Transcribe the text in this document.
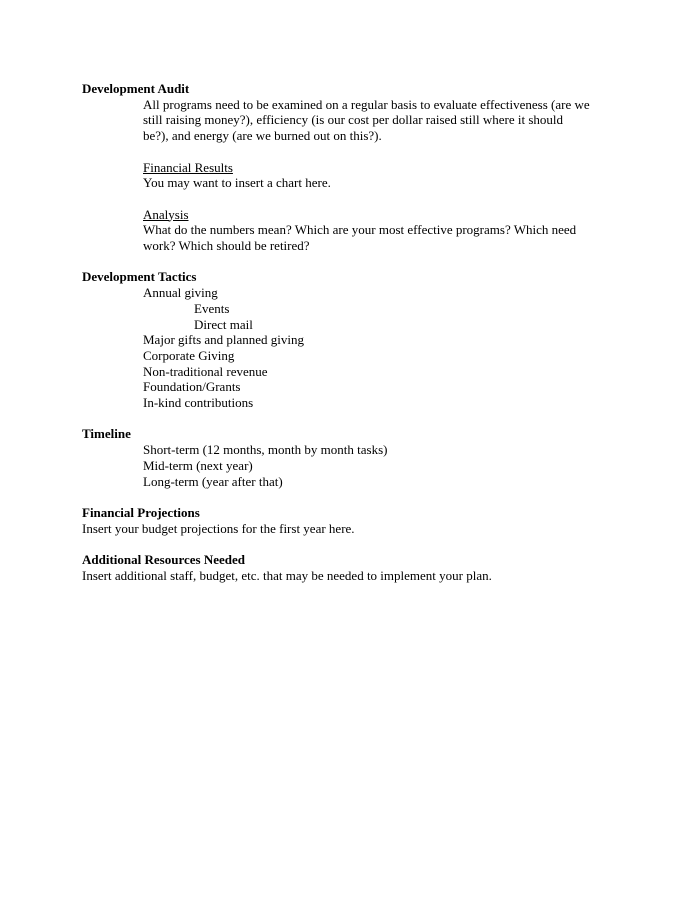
Development Audit

All programs need to be examined on a regular basis to evaluate effectiveness (are we

still raising money?), efficiency (is our cost per dollar raised still where it should

be?), and energy (are we burned out on this?).

Financial Results

You may want to insert a chart here.

Analysis

What do the numbers mean? Which are your most effective programs? Which need

work? Which should be retired?

Development Tactics

Annual giving

Events

Direct mail

Major gifts and planned giving

Corporate Giving

Non-traditional revenue

Foundation/Grants

In-kind contributions

Timeline

Short-term (12 months, month by month tasks)

Mid-term (next year)

Long-term (year after that)

Financial Projections

Insert your budget projections for the first year here.

Additional Resources Needed

Insert additional staff, budget, etc. that may be needed to implement your plan.
